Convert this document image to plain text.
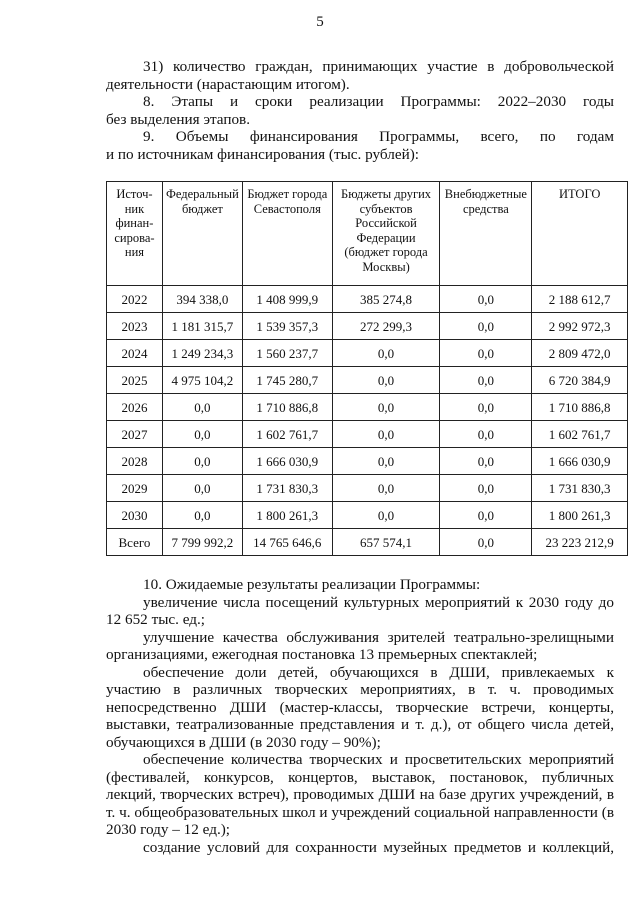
5

31) количество граждан, принимающих участие в добровольческой

деятельности (нарастающим итогом).

8. Этапы и сроки реализации Программы: 2022–2030 годы

без выделения этапов.

9. Объемы финансирования Программы, всего, по годам

и по источникам финансирования (тыс. рублей):

Источ-ник финан-сирова-ния	Федеральный бюджет	Бюджет города Севастополя	Бюджеты других субъектов Российской Федерации (бюджет города Москвы)	Внебюджетные средства	ИТОГО
2022	394 338,0	1 408 999,9	385 274,8	0,0	2 188 612,7
2023	1 181 315,7	1 539 357,3	272 299,3	0,0	2 992 972,3
2024	1 249 234,3	1 560 237,7	0,0	0,0	2 809 472,0
2025	4 975 104,2	1 745 280,7	0,0	0,0	6 720 384,9
2026	0,0	1 710 886,8	0,0	0,0	1 710 886,8
2027	0,0	1 602 761,7	0,0	0,0	1 602 761,7
2028	0,0	1 666 030,9	0,0	0,0	1 666 030,9
2029	0,0	1 731 830,3	0,0	0,0	1 731 830,3
2030	0,0	1 800 261,3	0,0	0,0	1 800 261,3
Всего	7 799 992,2	14 765 646,6	657 574,1	0,0	23 223 212,9

10. Ожидаемые результаты реализации Программы:

увеличение числа посещений культурных мероприятий к 2030 году до 12 652 тыс. ед.;

улучшение качества обслуживания зрителей театрально-зрелищными организациями, ежегодная постановка 13 премьерных спектаклей;

обеспечение доли детей, обучающихся в ДШИ, привлекаемых к участию в различных творческих мероприятиях, в т. ч. проводимых непосредственно ДШИ (мастер-классы, творческие встречи, концерты, выставки, театрализованные представления и т. д.), от общего числа детей, обучающихся в ДШИ (в 2030 году – 90%);

обеспечение количества творческих и просветительских мероприятий (фестивалей, конкурсов, концертов, выставок, постановок, публичных лекций, творческих встреч), проводимых ДШИ на базе других учреждений, в т. ч. общеобразовательных школ и учреждений социальной направленности (в 2030 году – 12 ед.);

создание условий для сохранности музейных предметов и коллекций,
